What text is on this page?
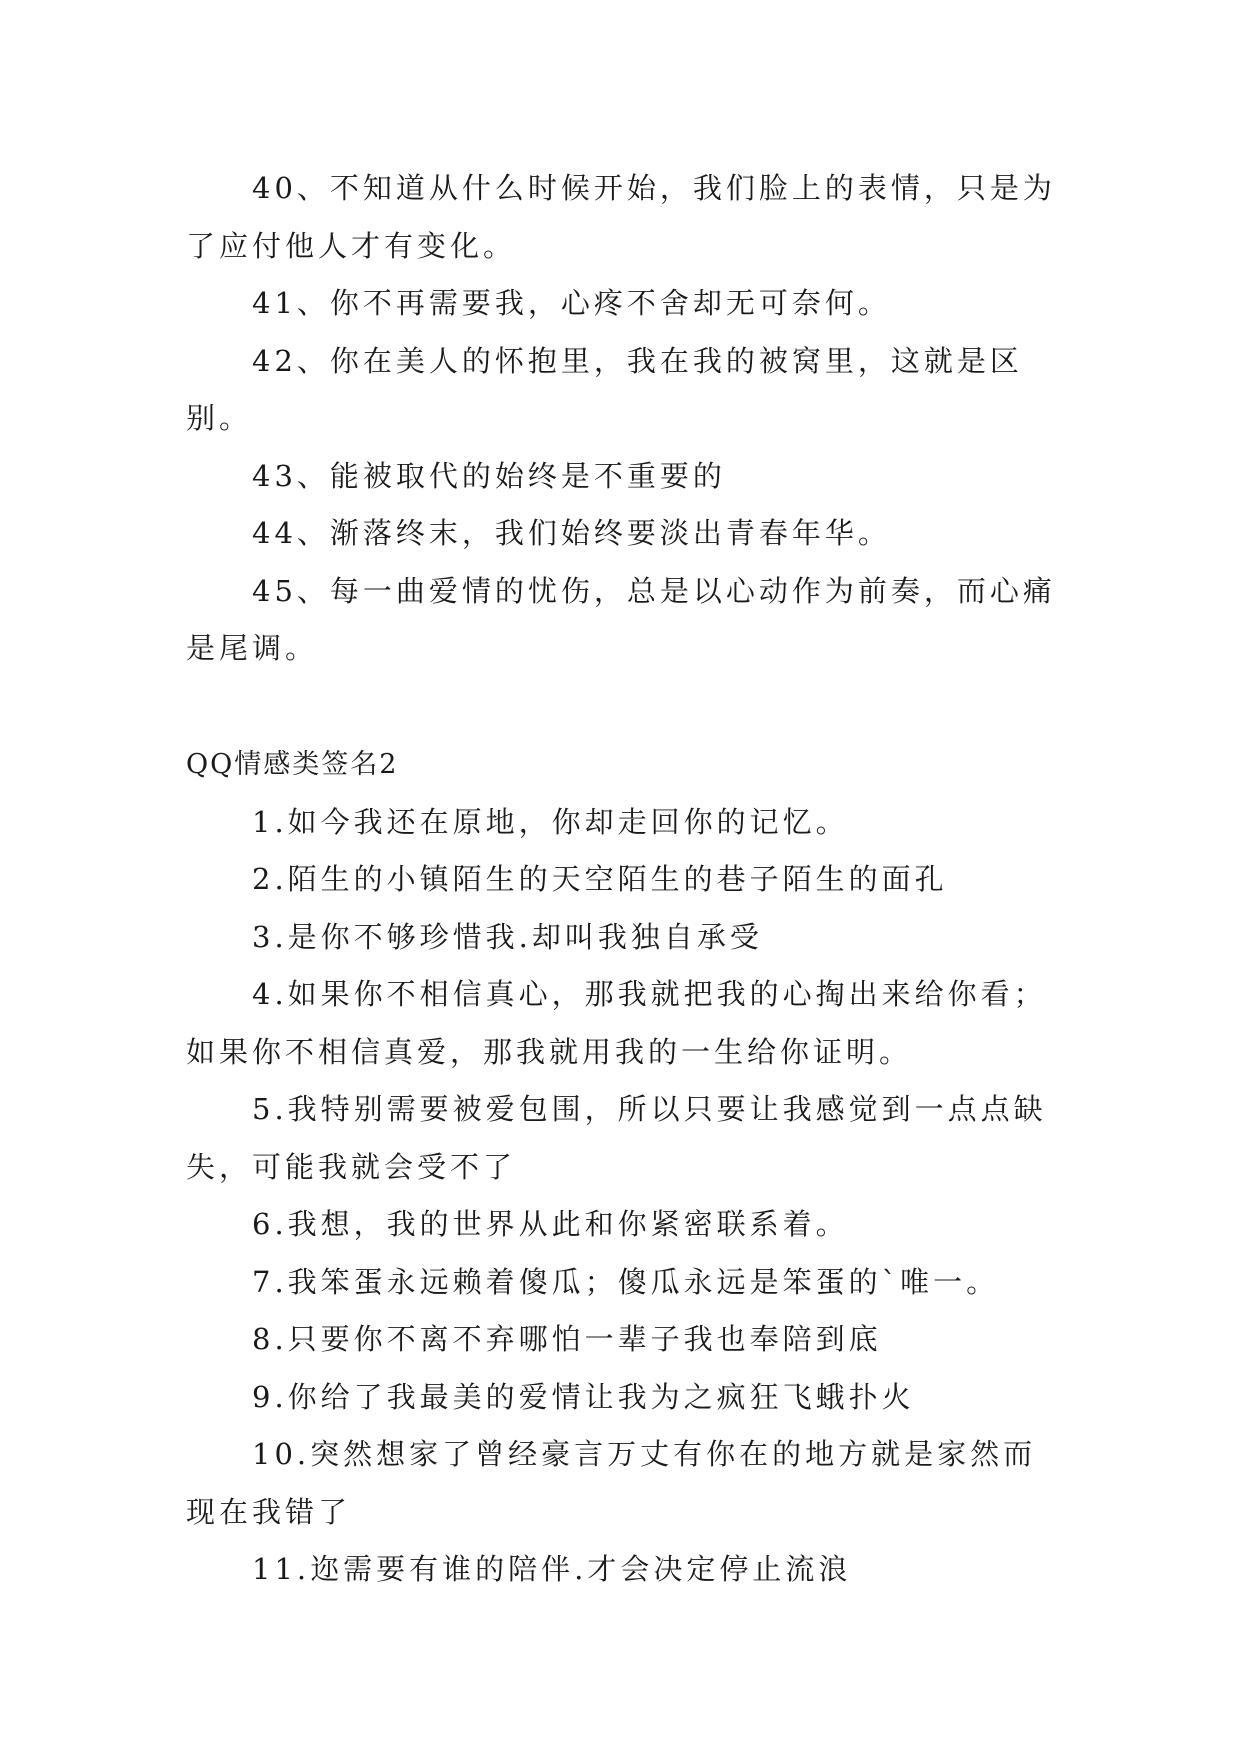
40、不知道从什么时候开始，我们脸上的表情，只是为了应付他人才有变化。

41、你不再需要我，心疼不舍却无可奈何。

42、你在美人的怀抱里，我在我的被窝里，这就是区别。

43、能被取代的始终是不重要的

44、渐落终末，我们始终要淡出青春年华。

45、每一曲爱情的忧伤，总是以心动作为前奏，而心痛是尾调。

QQ情感类签名2

1.如今我还在原地，你却走回你的记忆。

2.陌生的小镇陌生的天空陌生的巷子陌生的面孔

3.是你不够珍惜我.却叫我独自承受

4.如果你不相信真心，那我就把我的心掏出来给你看；如果你不相信真爱，那我就用我的一生给你证明。

5.我特别需要被爱包围，所以只要让我感觉到一点点缺失，可能我就会受不了

6.我想，我的世界从此和你紧密联系着。

7.我笨蛋永远赖着傻瓜；傻瓜永远是笨蛋的`唯一。

8.只要你不离不弃哪怕一辈子我也奉陪到底

9.你给了我最美的爱情让我为之疯狂飞蛾扑火

10.突然想家了曾经豪言万丈有你在的地方就是家然而现在我错了

11.迩需要有谁的陪伴.才会决定停止流浪
